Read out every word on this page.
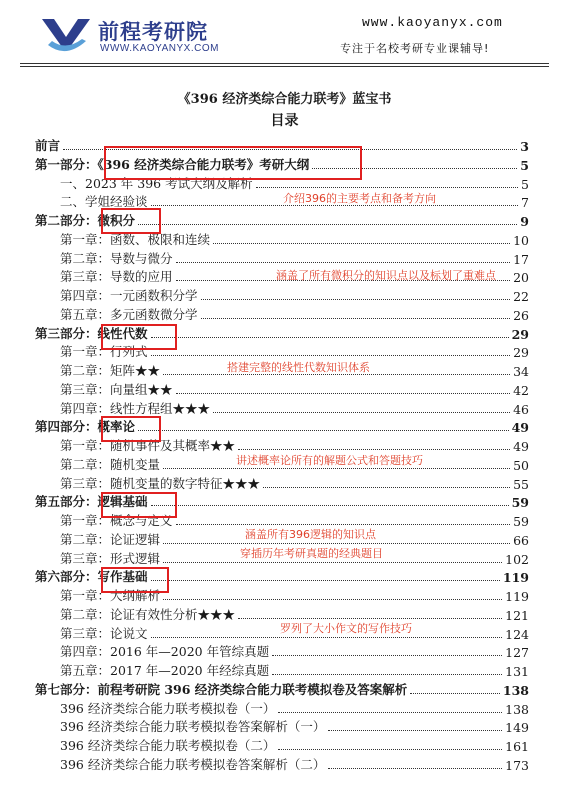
前程考研院
WWW.KAOYANYX.COM
www.kaoyanyx.com
专注于名校考研专业课辅导!
《396 经济类综合能力联考》蓝宝书
目录
前言	3
第一部分：《396 经济类综合能力联考》考研大纲	5
一、2023 年 396 考试大纲及解析	5
二、学姐经验谈	7
第二部分：微积分	9
第一章：函数、极限和连续	10
第二章：导数与微分	17
第三章：导数的应用	20
第四章：一元函数积分学	22
第五章：多元函数微分学	26
第三部分：线性代数	29
第一章：行列式	29
第二章：矩阵★★	34
第三章：向量组★★	42
第四章：线性方程组★★★	46
第四部分：概率论	49
第一章：随机事件及其概率★★	49
第二章：随机变量	50
第三章：随机变量的数字特征★★★	55
第五部分：逻辑基础	59
第一章：概念与定义	59
第二章：论证逻辑	66
第三章：形式逻辑	102
第六部分：写作基础	119
第一章：大纲解析	119
第二章：论证有效性分析★★★	121
第三章：论说文	124
第四章：2016 年—2020 年管综真题	127
第五章：2017 年—2020 年经综真题	131
第七部分：前程考研院 396 经济类综合能力联考模拟卷及答案解析	138
396 经济类综合能力联考模拟卷（一）	138
396 经济类综合能力联考模拟卷答案解析（一）	149
396 经济类综合能力联考模拟卷（二）	161
396 经济类综合能力联考模拟卷答案解析（二）	173
介绍396的主要考点和备考方向
涵盖了所有微积分的知识点以及标划了重难点
搭建完整的线性代数知识体系
讲述概率论所有的解题公式和答题技巧
涵盖所有396逻辑的知识点
穿插历年考研真题的经典题目
罗列了大小作文的写作技巧
